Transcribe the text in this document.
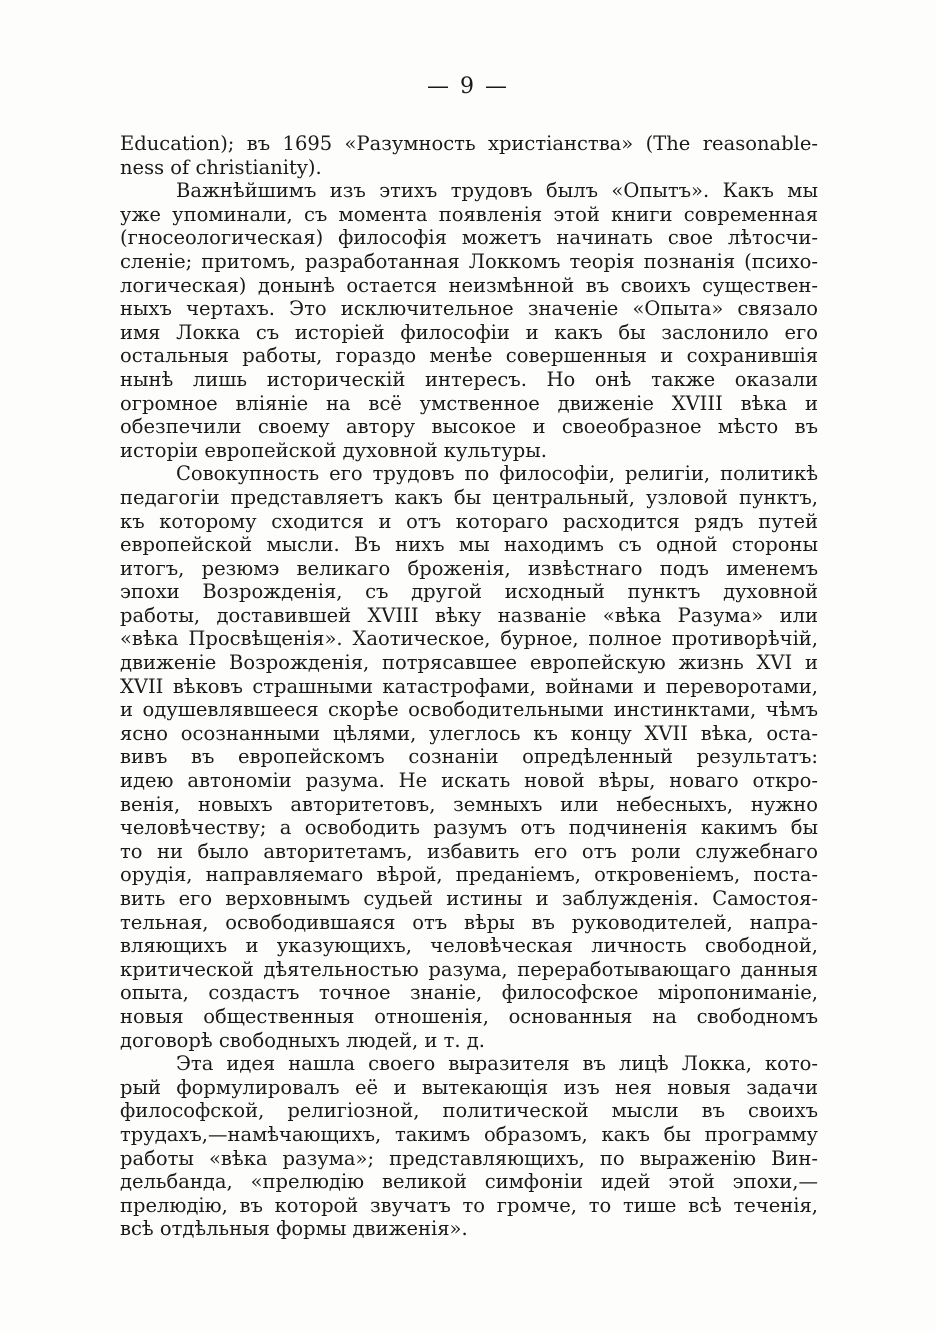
— 9 —
Education); въ 1695 «Разумность христіанства» (The reasonable-
ness of christianity).
Важнѣйшимъ изъ этихъ трудовъ былъ «Опытъ». Какъ мы
уже упоминали, съ момента появленія этой книги современная
(гносеологическая) философія можетъ начинать свое лѣтосчи-
сленіе; притомъ, разработанная Локкомъ теорія познанія (психо-
логическая) донынѣ остается неизмѣнной въ своихъ существен-
ныхъ чертахъ. Это исключительное значеніе «Опыта» связало
имя Локка съ исторіей философіи и какъ бы заслонило его
остальныя работы, гораздо менѣе совершенныя и сохранившія
нынѣ лишь историческій интересъ. Но онѣ также оказали
огромное вліяніе на всё умственное движеніе XVIII вѣка и
обезпечили своему автору высокое и своеобразное мѣсто въ
исторіи европейской духовной культуры.
Совокупность его трудовъ по философіи, религіи, политикѣ
педагогіи представляетъ какъ бы центральный, узловой пунктъ,
къ которому сходится и отъ котораго расходится рядъ путей
европейской мысли. Въ нихъ мы находимъ съ одной стороны
итогъ, резюмэ великаго броженія, извѣстнаго подъ именемъ
эпохи Возрожденія, съ другой исходный пунктъ духовной
работы, доставившей XVIII вѣку названіе «вѣка Разума» или
«вѣка Просвѣщенія». Хаотическое, бурное, полное противорѣчій,
движеніе Возрожденія, потрясавшее европейскую жизнь XVI и
XVII вѣковъ страшными катастрофами, войнами и переворотами,
и одушевлявшееся скорѣе освободительными инстинктами, чѣмъ
ясно осознанными цѣлями, улеглось къ концу XVII вѣка, оста-
вивъ въ европейскомъ сознаніи опредѣленный результатъ:
идею автономіи разума. Не искать новой вѣры, новаго откро-
венія, новыхъ авторитетовъ, земныхъ или небесныхъ, нужно
человѣчеству; а освободить разумъ отъ подчиненія какимъ бы
то ни было авторитетамъ, избавить его отъ роли служебнаго
орудія, направляемаго вѣрой, преданіемъ, откровеніемъ, поста-
вить его верховнымъ судьей истины и заблужденія. Самостоя-
тельная, освободившаяся отъ вѣры въ руководителей, напра-
вляющихъ и указующихъ, человѣческая личность свободной,
критической дѣятельностью разума, переработывающаго данныя
опыта, создастъ точное знаніе, философское міропониманіе,
новыя общественныя отношенія, основанныя на свободномъ
договорѣ свободныхъ людей, и т. д.
Эта идея нашла своего выразителя въ лицѣ Локка, кото-
рый формулировалъ её и вытекающія изъ нея новыя задачи
философской, религіозной, политической мысли въ своихъ
трудахъ,—намѣчающихъ, такимъ образомъ, какъ бы программу
работы «вѣка разума»; представляющихъ, по выраженію Вин-
дельбанда, «прелюдію великой симфоніи идей этой эпохи,—
прелюдію, въ которой звучатъ то громче, то тише всѣ теченія,
всѣ отдѣльныя формы движенія».
